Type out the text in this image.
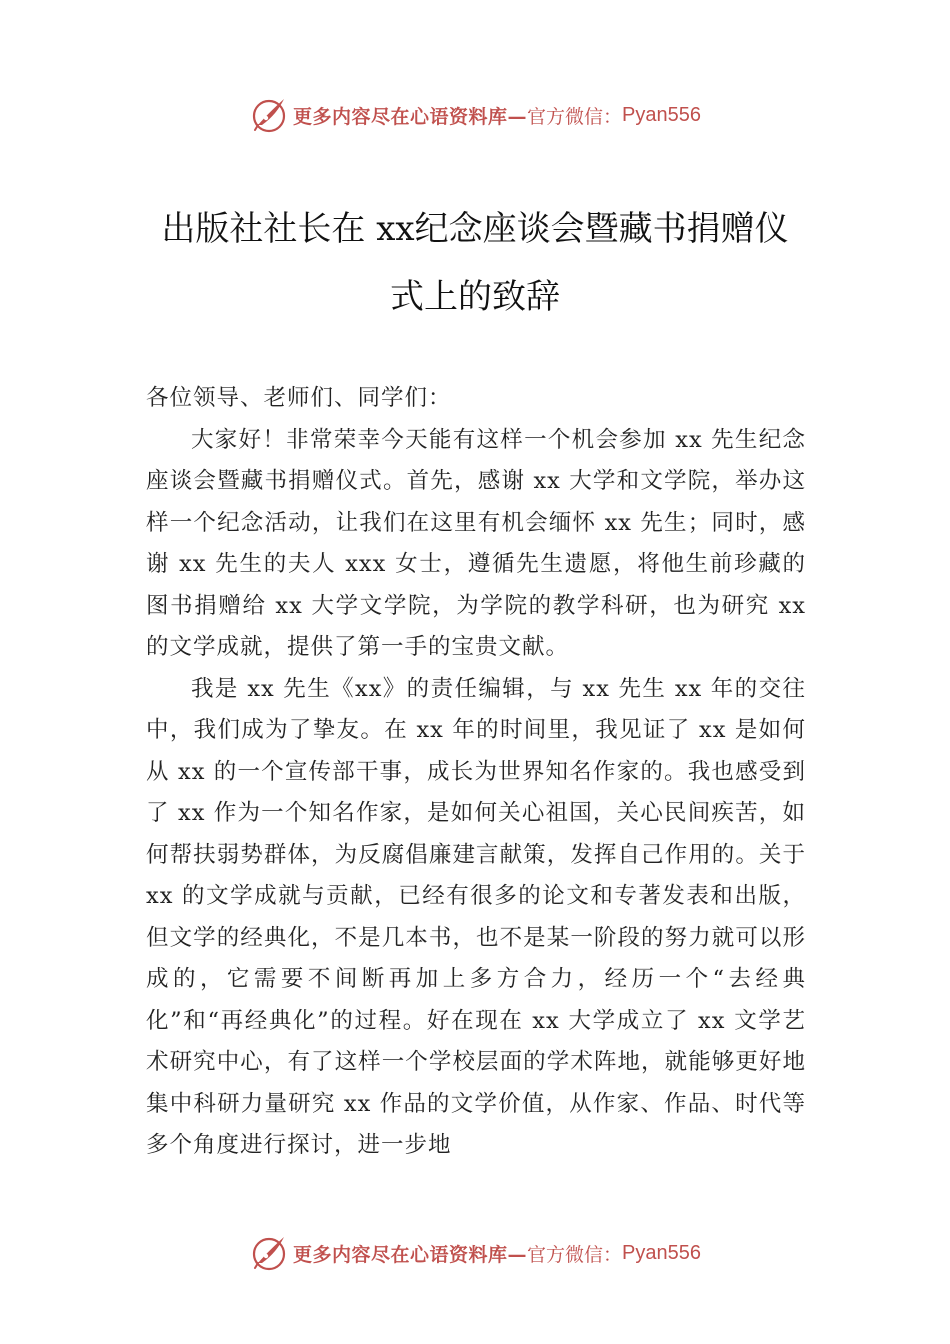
更多内容尽在心语资料库— 官方微信： Pyan556
出版社社长在 xx纪念座谈会暨藏书捐赠仪式上的致辞

各位领导、老师们、同学们：

大家好！非常荣幸今天能有这样一个机会参加 xx 先生纪念座谈会暨藏书捐赠仪式。首先，感谢 xx 大学和文学院，举办这样一个纪念活动，让我们在这里有机会缅怀 xx 先生；同时，感谢 xx 先生的夫人 xxx 女士，遵循先生遗愿，将他生前珍藏的图书捐赠给 xx 大学文学院，为学院的教学科研，也为研究 xx 的文学成就，提供了第一手的宝贵文献。

我是 xx 先生《xx》的责任编辑，与 xx 先生 xx 年的交往中，我们成为了挚友。在 xx 年的时间里，我见证了 xx 是如何从 xx 的一个宣传部干事，成长为世界知名作家的。我也感受到了 xx 作为一个知名作家，是如何关心祖国，关心民间疾苦，如何帮扶弱势群体，为反腐倡廉建言献策，发挥自己作用的。关于 xx 的文学成就与贡献，已经有很多的论文和专著发表和出版，但文学的经典化，不是几本书，也不是某一阶段的努力就可以形成的，它需要不间断再加上多方合力，经历一个“去经典化”和“再经典化”的过程。好在现在 xx 大学成立了 xx 文学艺术研究中心，有了这样一个学校层面的学术阵地，就能够更好地集中科研力量研究 xx 作品的文学价值，从作家、作品、时代等多个角度进行探讨，进一步地

更多内容尽在心语资料库— 官方微信： Pyan556
